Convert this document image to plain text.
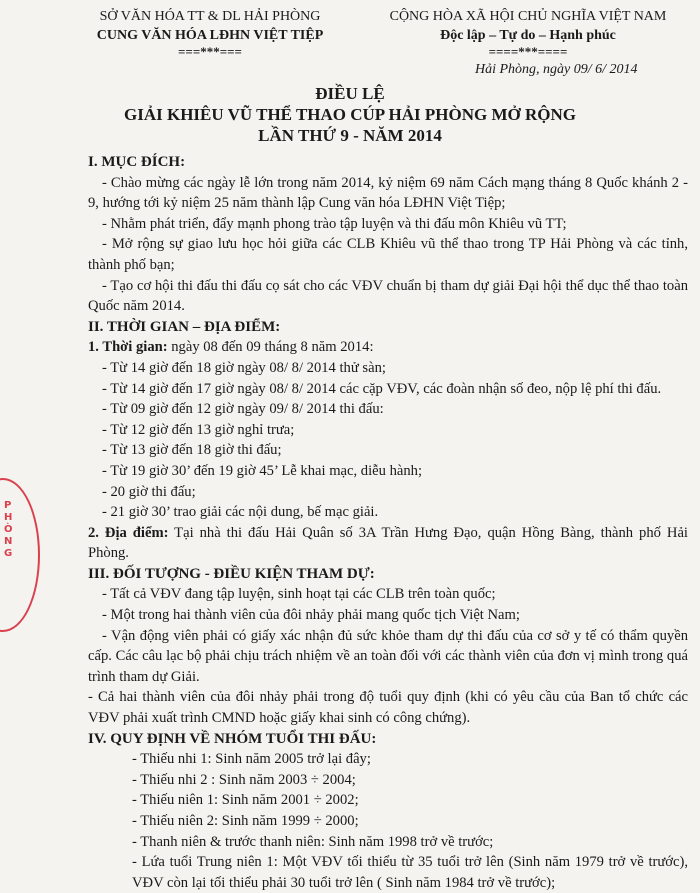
SỞ VĂN HÓA TT & DL HẢI PHÒNG
CUNG VĂN HÓA LĐHN VIỆT TIỆP
===***===
CỘNG HÒA XÃ HỘI CHỦ NGHĨA VIỆT NAM
Độc lập – Tự do – Hạnh phúc
====***====
Hải Phòng, ngày 09/ 6/ 2014
ĐIỀU LỆ
GIẢI KHIÊU VŨ THỂ THAO CÚP HẢI PHÒNG MỞ RỘNG
LẦN THỨ 9 - NĂM 2014
PHÒNG

I. MỤC ĐÍCH:

- Chào mừng các ngày lễ lớn trong năm 2014, kỷ niệm 69 năm Cách mạng tháng 8 Quốc khánh 2 - 9, hướng tới kỷ niệm 25 năm thành lập Cung văn hóa LĐHN Việt Tiệp;

- Nhằm phát triển, đẩy mạnh phong trào tập luyện và thi đấu môn Khiêu vũ TT;

- Mở rộng sự giao lưu học hỏi giữa các CLB Khiêu vũ thể thao trong TP Hải Phòng và các tỉnh, thành phố bạn;

- Tạo cơ hội thi đấu thi đấu cọ sát cho các VĐV chuẩn bị tham dự giải Đại hội thể dục thể thao toàn Quốc năm 2014.

II. THỜI GIAN – ĐỊA ĐIỂM:

1. Thời gian: ngày 08 đến 09 tháng 8 năm 2014:

- Từ 14 giờ đến 18 giờ ngày 08/ 8/ 2014 thử sàn;

- Từ 14 giờ đến 17 giờ ngày 08/ 8/ 2014 các cặp VĐV, các đoàn nhận số đeo, nộp lệ phí thi đấu.

- Từ 09 giờ đến 12 giờ ngày 09/ 8/ 2014 thi đấu:

- Từ 12 giờ đến 13 giờ nghỉ trưa;

- Từ 13 giờ đến 18 giờ thi đấu;

- Từ 19 giờ 30’ đến 19 giờ 45’ Lễ khai mạc, diễu hành;

- 20 giờ thi đấu;

- 21 giờ 30’ trao giải các nội dung, bế mạc giải.

2. Địa điểm: Tại nhà thi đấu Hải Quân số 3A Trần Hưng Đạo, quận Hồng Bàng, thành phố Hải Phòng.

III. ĐỐI TƯỢNG - ĐIỀU KIỆN THAM DỰ:

- Tất cả VĐV đang tập luyện, sinh hoạt tại các CLB trên toàn quốc;

- Một trong hai thành viên của đôi nhảy phải mang quốc tịch Việt Nam;

- Vận động viên phải có giấy xác nhận đủ sức khỏe tham dự thi đấu của cơ sở y tế có thẩm quyền cấp. Các câu lạc bộ phải chịu trách nhiệm về an toàn đối với các thành viên của đơn vị mình trong quá trình tham dự Giải.

- Cả hai thành viên của đôi nhảy phải trong độ tuổi quy định (khi có yêu cầu của Ban tổ chức các VĐV phải xuất trình CMND hoặc giấy khai sinh có công chứng).

IV. QUY ĐỊNH VỀ NHÓM TUỔI THI ĐẤU:

- Thiếu nhi 1: Sinh năm 2005 trở lại đây;

- Thiếu nhi 2 : Sinh năm 2003 ÷ 2004;

- Thiếu niên 1: Sinh năm 2001 ÷ 2002;

- Thiếu niên 2: Sinh năm 1999 ÷ 2000;

- Thanh niên & trước thanh niên: Sinh năm 1998 trở về trước;

- Lứa tuổi Trung niên 1: Một VĐV tối thiểu từ 35 tuổi trở lên (Sinh năm 1979 trở về trước), VĐV còn lại tối thiểu phải 30 tuổi trở lên ( Sinh năm 1984 trở về trước);
